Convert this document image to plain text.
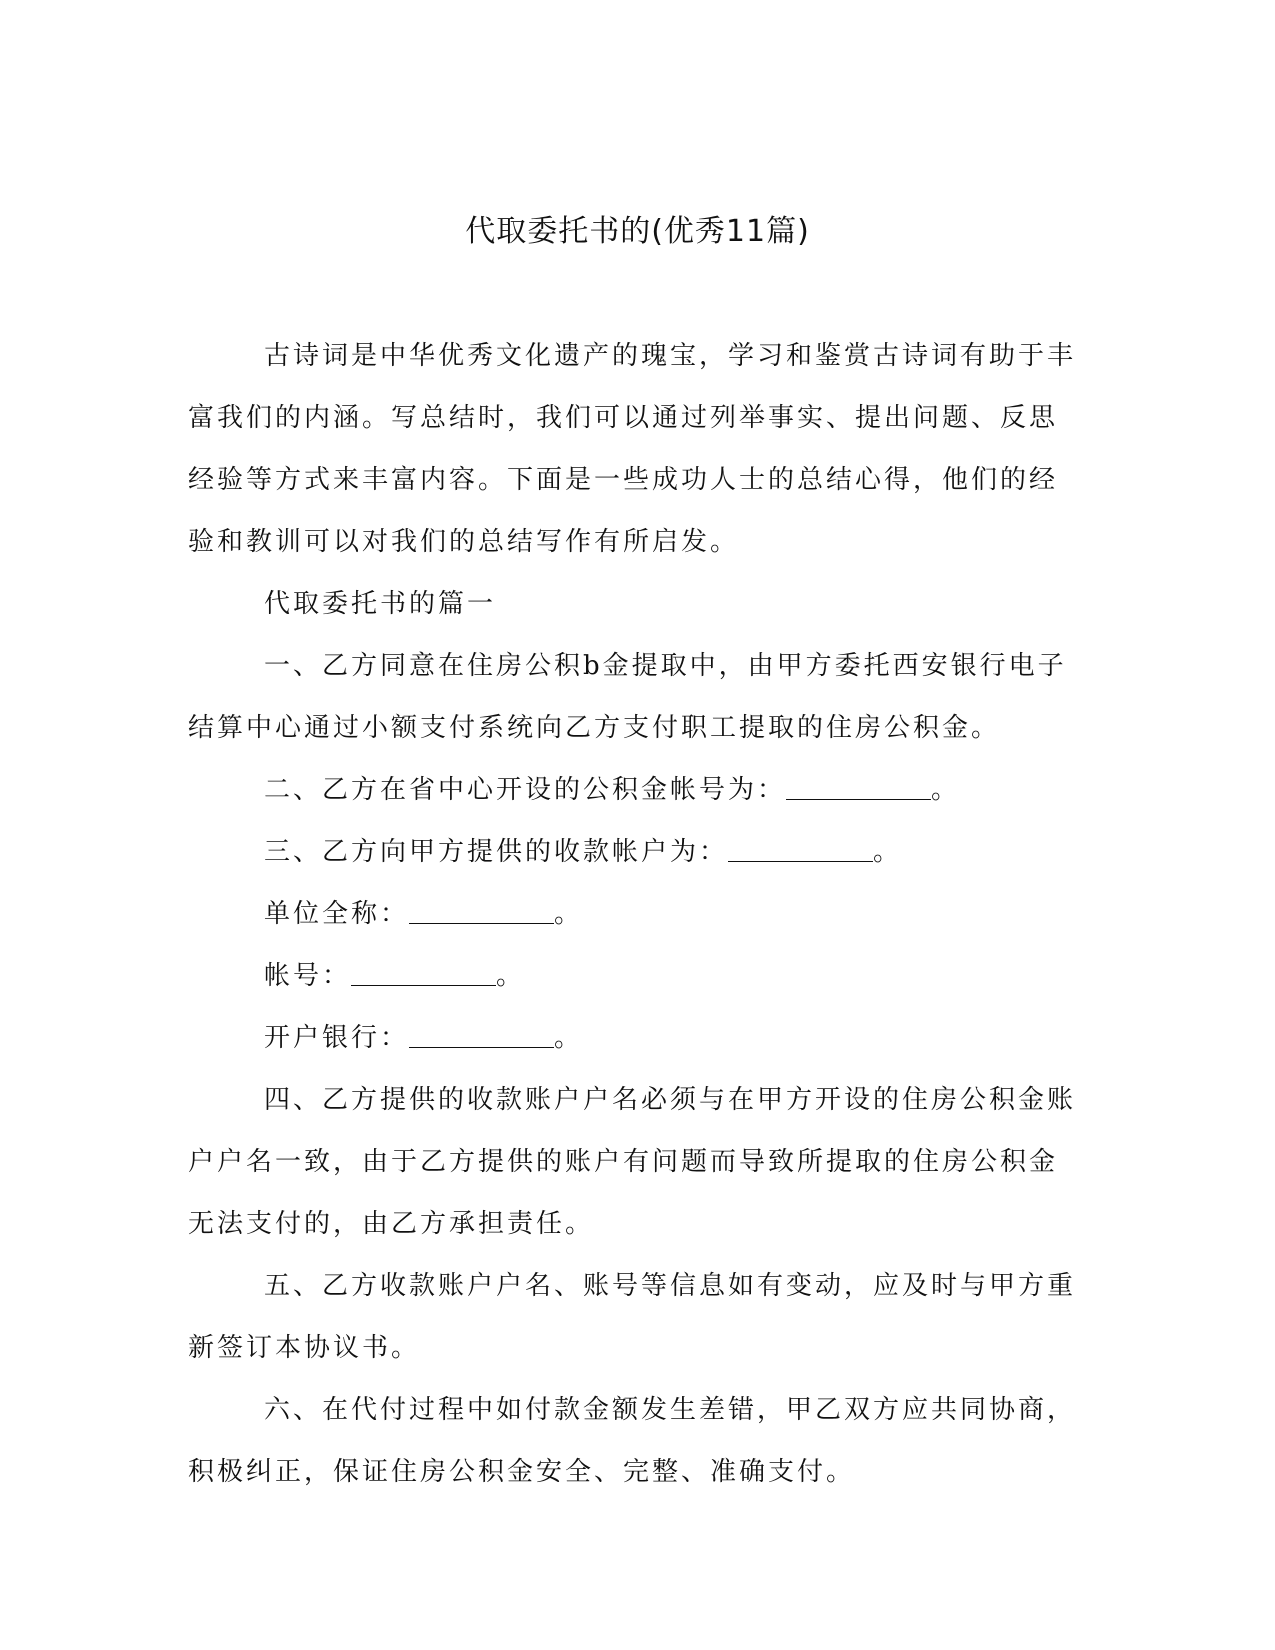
代取委托书的(优秀11篇)

古诗词是中华优秀文化遗产的瑰宝，学习和鉴赏古诗词有助于丰富我们的内涵。写总结时，我们可以通过列举事实、提出问题、反思经验等方式来丰富内容。下面是一些成功人士的总结心得，他们的经验和教训可以对我们的总结写作有所启发。

代取委托书的篇一

一、乙方同意在住房公积b金提取中，由甲方委托西安银行电子结算中心通过小额支付系统向乙方支付职工提取的住房公积金。

二、乙方在省中心开设的公积金帐号为：	。

三、乙方向甲方提供的收款帐户为：	。

单位全称：	。

帐号：	。

开户银行：	。

四、乙方提供的收款账户户名必须与在甲方开设的住房公积金账户户名一致，由于乙方提供的账户有问题而导致所提取的住房公积金无法支付的，由乙方承担责任。

五、乙方收款账户户名、账号等信息如有变动，应及时与甲方重新签订本协议书。

六、在代付过程中如付款金额发生差错，甲乙双方应共同协商，积极纠正，保证住房公积金安全、完整、准确支付。
